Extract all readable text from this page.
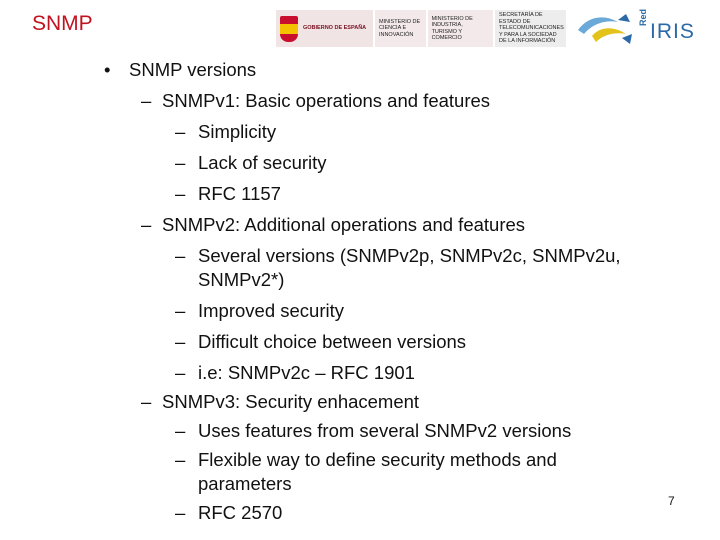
SNMP	GOBIERNO DE ESPAÑA
MINISTERIO DE CIENCIA E INNOVACIÓN
MINISTERIO DE INDUSTRIA, TURISMO Y COMERCIO
SECRETARÍA DE ESTADO DE TELECOMUNICACIONES Y PARA LA SOCIEDAD DE LA INFORMACIÓN
Red
IRIS
• SNMP versions
– SNMPv1: Basic operations and features
– Simplicity
– Lack of security
– RFC 1157
– SNMPv2: Additional operations and features
– Several versions (SNMPv2p, SNMPv2c, SNMPv2u,
SNMPv2*)
– Improved security
– Difficult choice between versions
– i.e: SNMPv2c – RFC 1901
– SNMPv3: Security enhacement
– Uses features from several SNMPv2 versions
– Flexible way to define security methods and
parameters
– RFC 2570
7
